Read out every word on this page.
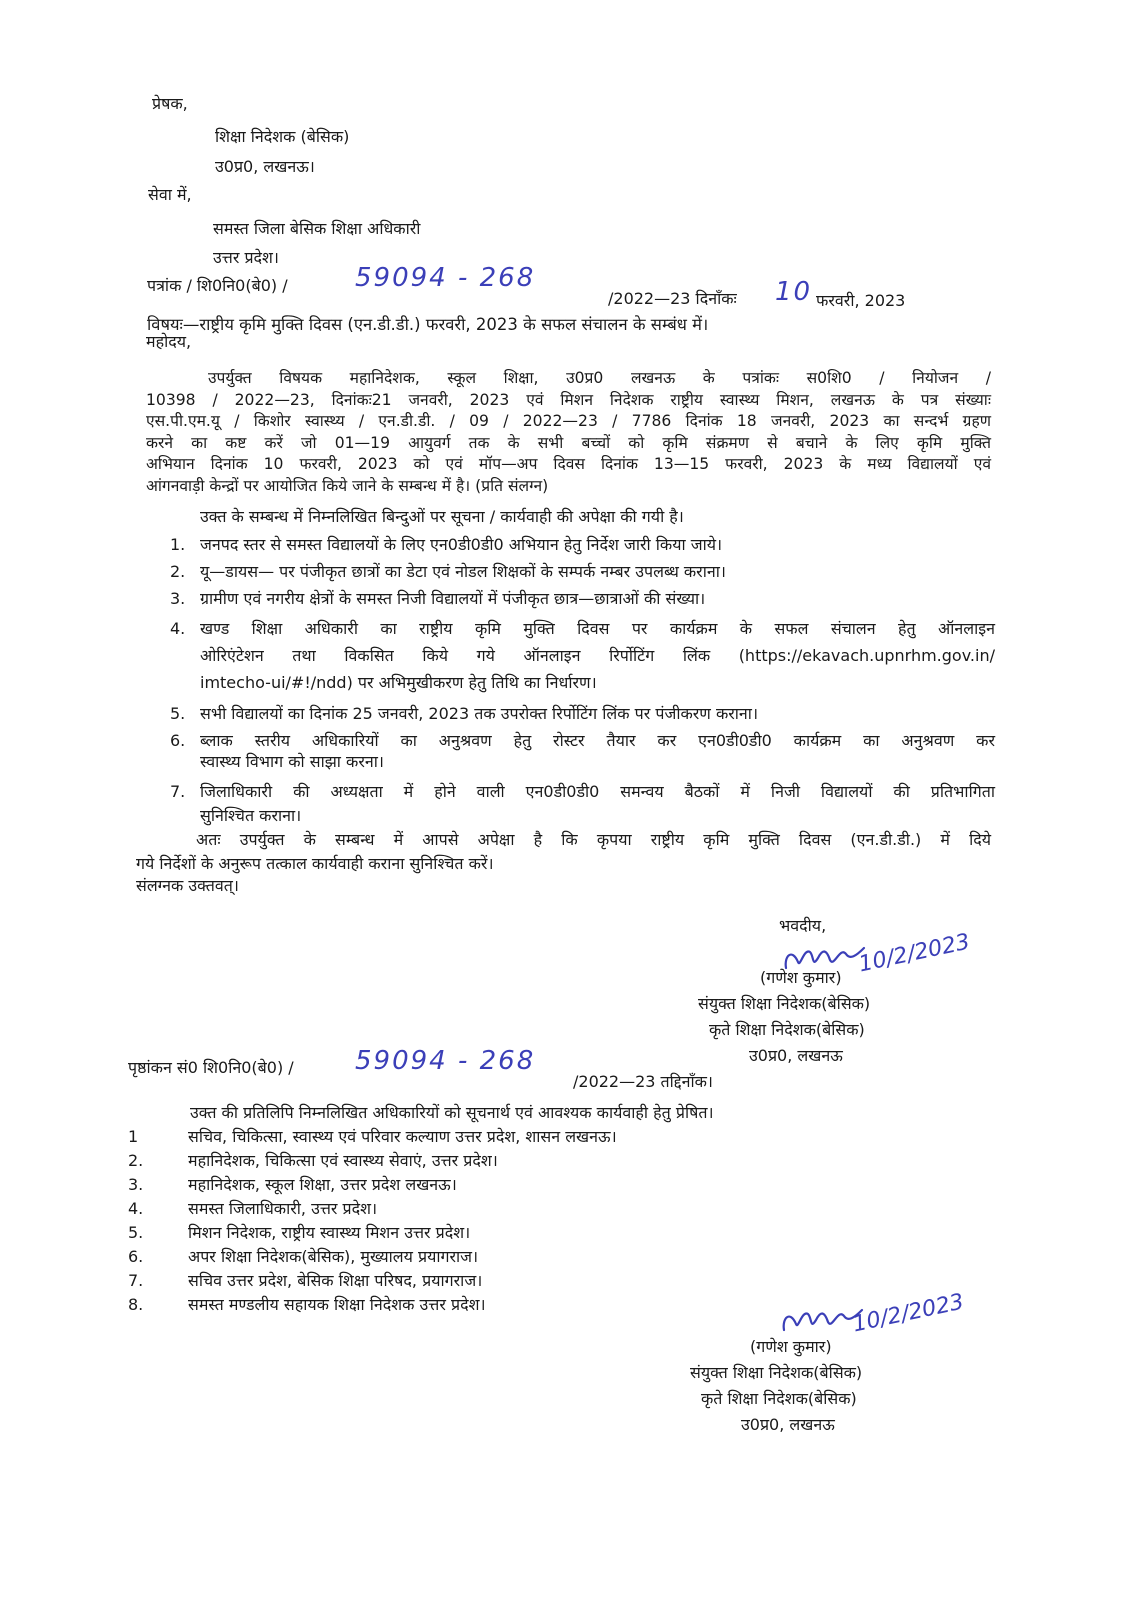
प्रेषक,
शिक्षा निदेशक (बेसिक)
उ0प्र0, लखनऊ।
सेवा में,
समस्त जिला बेसिक शिक्षा अधिकारी
उत्तर प्रदेश।
पत्रांक / शि0नि0(बे0) /	59094 - 268
/2022—23 दिनाँकः 10 फरवरी, 2023
विषयः—राष्ट्रीय कृमि मुक्ति दिवस (एन.डी.डी.) फरवरी, 2023 के सफल संचालन के सम्बंध में।
महोदय,
उपर्युक्त विषयक महानिदेशक, स्कूल शिक्षा, उ0प्र0 लखनऊ के पत्रांकः स0शि0 / नियोजन /
10398 / 2022—23, दिनांकः21 जनवरी, 2023 एवं मिशन निदेशक राष्ट्रीय स्वास्थ्य मिशन, लखनऊ के पत्र संख्याः
एस.पी.एम.यू / किशोर स्वास्थ्य / एन.डी.डी. / 09 / 2022—23 / 7786 दिनांक 18 जनवरी, 2023 का सन्दर्भ ग्रहण
करने का कष्ट करें जो 01—19 आयुवर्ग तक के सभी बच्चों को कृमि संक्रमण से बचाने के लिए कृमि मुक्ति
अभियान दिनांक 10 फरवरी, 2023 को एवं मॉप—अप दिवस दिनांक 13—15 फरवरी, 2023 के मध्य विद्यालयों एवं
आंगनवाड़ी केन्द्रों पर आयोजित किये जाने के सम्बन्ध में है। (प्रति संलग्न)
उक्त के सम्बन्ध में निम्नलिखित बिन्दुओं पर सूचना / कार्यवाही की अपेक्षा की गयी है।
1. जनपद स्तर से समस्त विद्यालयों के लिए एन0डी0डी0 अभियान हेतु निर्देश जारी किया जाये।
2. यू—डायस— पर पंजीकृत छात्रों का डेटा एवं नोडल शिक्षकों के सम्पर्क नम्बर उपलब्ध कराना।
3. ग्रामीण एवं नगरीय क्षेत्रों के समस्त निजी विद्यालयों में पंजीकृत छात्र—छात्राओं की संख्या।
4. खण्ड शिक्षा अधिकारी का राष्ट्रीय कृमि मुक्ति दिवस पर कार्यक्रम के सफल संचालन हेतु ऑनलाइन
ओरिएंटेशन तथा विकसित किये गये ऑनलाइन रिर्पोटिंग लिंक (https://ekavach.upnrhm.gov.in/
imtecho-ui/#!/ndd) पर अभिमुखीकरण हेतु तिथि का निर्धारण।
5. सभी विद्यालयों का दिनांक 25 जनवरी, 2023 तक उपरोक्त रिर्पोटिंग लिंक पर पंजीकरण कराना।
6. ब्लाक स्तरीय अधिकारियों का अनुश्रवण हेतु रोस्टर तैयार कर एन0डी0डी0 कार्यक्रम का अनुश्रवण कर
स्वास्थ्य विभाग को साझा करना।
7. जिलाधिकारी की अध्यक्षता में होने वाली एन0डी0डी0 समन्वय बैठकों में निजी विद्यालयों की प्रतिभागिता
सुनिश्चित कराना।
अतः उपर्युक्त के सम्बन्ध में आपसे अपेक्षा है कि कृपया राष्ट्रीय कृमि मुक्ति दिवस (एन.डी.डी.) में दिये
गये निर्देशों के अनुरूप तत्काल कार्यवाही कराना सुनिश्चित करें।
संलग्नक उक्तवत्।
भवदीय,
10/2/2023
(गणेश कुमार)
संयुक्त शिक्षा निदेशक(बेसिक)
कृते शिक्षा निदेशक(बेसिक)
उ0प्र0, लखनऊ
पृष्ठांकन सं0 शि0नि0(बे0) / 59094 - 268
/2022—23 तद्दिनाँक।
उक्त की प्रतिलिपि निम्नलिखित अधिकारियों को सूचनार्थ एवं आवश्यक कार्यवाही हेतु प्रेषित।
1	सचिव, चिकित्सा, स्वास्थ्य एवं परिवार कल्याण उत्तर प्रदेश, शासन लखनऊ।
2.	महानिदेशक, चिकित्सा एवं स्वास्थ्य सेवाएं, उत्तर प्रदेश।
3.	महानिदेशक, स्कूल शिक्षा, उत्तर प्रदेश लखनऊ।
4.	समस्त जिलाधिकारी, उत्तर प्रदेश।
5.	मिशन निदेशक, राष्ट्रीय स्वास्थ्य मिशन उत्तर प्रदेश।
6.	अपर शिक्षा निदेशक(बेसिक), मुख्यालय प्रयागराज।
7.	सचिव उत्तर प्रदेश, बेसिक शिक्षा परिषद, प्रयागराज।
8.	समस्त मण्डलीय सहायक शिक्षा निदेशक उत्तर प्रदेश।	10/2/2023
(गणेश कुमार)
संयुक्त शिक्षा निदेशक(बेसिक)
कृते शिक्षा निदेशक(बेसिक)
उ0प्र0, लखनऊ
